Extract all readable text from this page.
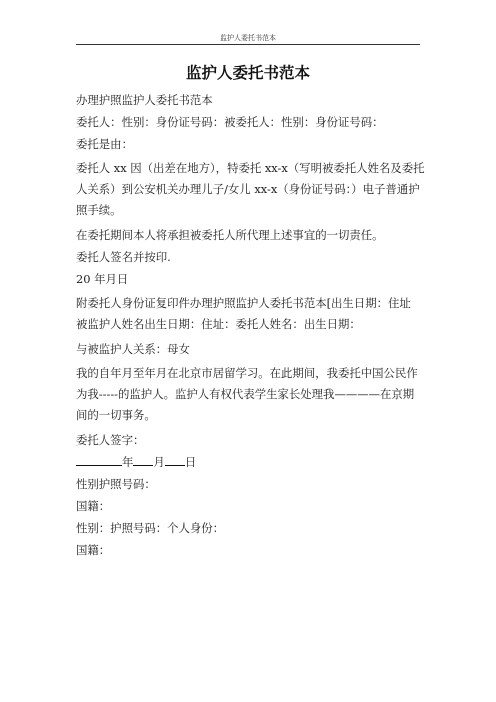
监护人委托书范本
监护人委托书范本
办理护照监护人委托书范本
委托人：性别：身份证号码：被委托人：性别：身份证号码：
委托是由：
委托人 xx 因（出差在地方），特委托 xx-x（写明被委托人姓名及委托
人关系）到公安机关办理儿子/女儿 xx-x（身份证号码：）电子普通护
照手续。
在委托期间本人将承担被委托人所代理上述事宜的一切责任。
委托人签名并按印.
20 年月日
附委托人身份证复印件办理护照监护人委托书范本[出生日期：住址
被监护人姓名出生日期：住址：委托人姓名：出生日期：
与被监护人关系：母女
我的自年月至年月在北京市居留学习。在此期间，我委托中国公民作
为我-----的监护人。监护人有权代表学生家长处理我————在京期
间的一切事务。
委托人签字：
年 月 日
性别护照号码：
国籍：
性别：护照号码：个人身份：
国籍：
